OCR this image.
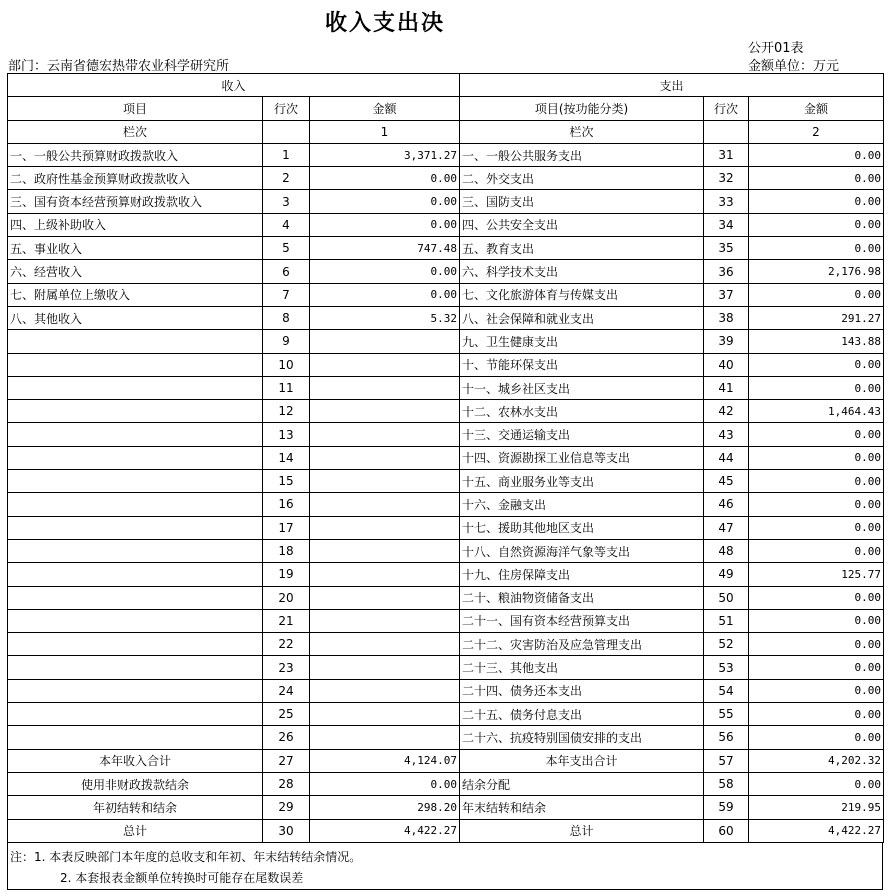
收入支出决
公开01表
部门：云南省德宏热带农业科学研究所	金额单位：万元
收入			支出		
项目	行次	金额	项目(按功能分类)	行次	金额
栏次		1	栏次		2
一、一般公共预算财政拨款收入	1	3,371.27	一、一般公共服务支出	31	0.00
二、政府性基金预算财政拨款收入	2	0.00	二、外交支出	32	0.00
三、国有资本经营预算财政拨款收入	3	0.00	三、国防支出	33	0.00
四、上级补助收入	4	0.00	四、公共安全支出	34	0.00
五、事业收入	5	747.48	五、教育支出	35	0.00
六、经营收入	6	0.00	六、科学技术支出	36	2,176.98
七、附属单位上缴收入	7	0.00	七、文化旅游体育与传媒支出	37	0.00
八、其他收入	8	5.32	八、社会保障和就业支出	38	291.27
	9		九、卫生健康支出	39	143.88
	10		十、节能环保支出	40	0.00
	11		十一、城乡社区支出	41	0.00
	12		十二、农林水支出	42	1,464.43
	13		十三、交通运输支出	43	0.00
	14		十四、资源勘探工业信息等支出	44	0.00
	15		十五、商业服务业等支出	45	0.00
	16		十六、金融支出	46	0.00
	17		十七、援助其他地区支出	47	0.00
	18		十八、自然资源海洋气象等支出	48	0.00
	19		十九、住房保障支出	49	125.77
	20		二十、粮油物资储备支出	50	0.00
	21		二十一、国有资本经营预算支出	51	0.00
	22		二十二、灾害防治及应急管理支出	52	0.00
	23		二十三、其他支出	53	0.00
	24		二十四、债务还本支出	54	0.00
	25		二十五、债务付息支出	55	0.00
	26		二十六、抗疫特别国债安排的支出	56	0.00
本年收入合计	27	4,124.07	本年支出合计	57	4,202.32
使用非财政拨款结余	28	0.00	结余分配	58	0.00
年初结转和结余	29	298.20	年末结转和结余	59	219.95
总计	30	4,422.27	总计	60	4,422.27
注：1. 本表反映部门本年度的总收支和年初、年末结转结余情况。
2. 本套报表金额单位转换时可能存在尾数误差
